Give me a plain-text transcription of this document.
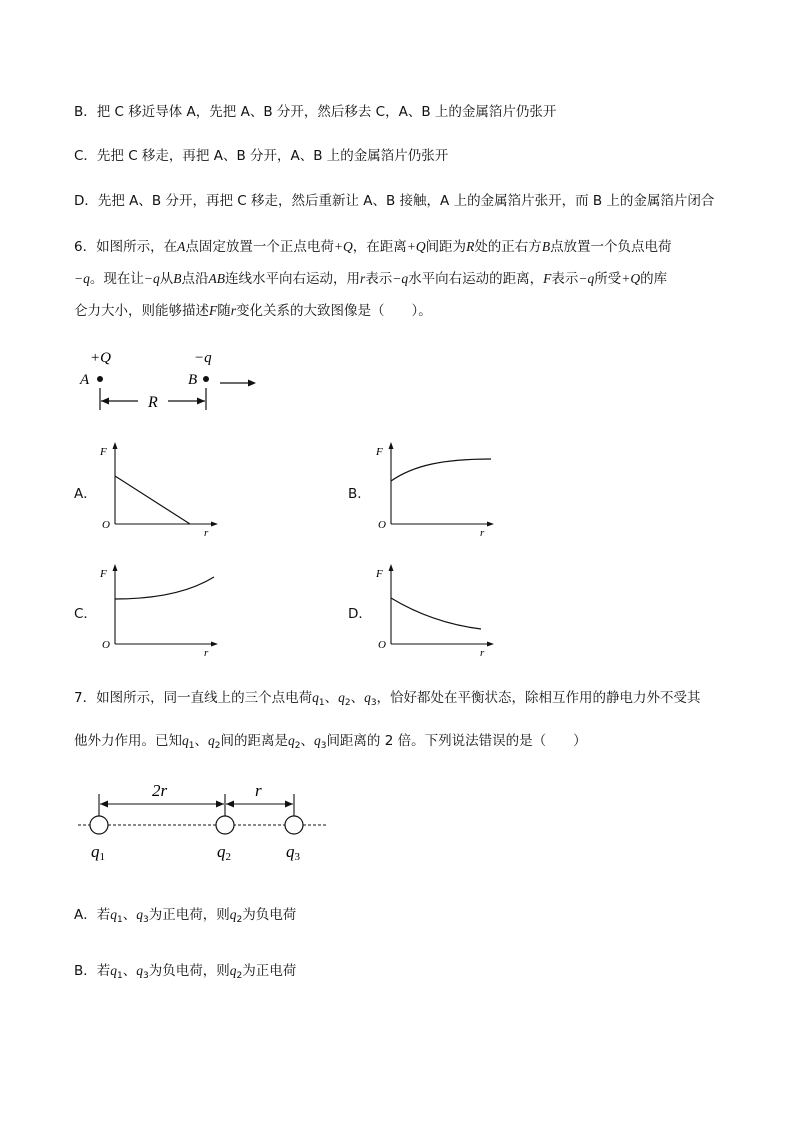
B．把 C 移近导体 A，先把 A、B 分开，然后移去 C，A、B 上的金属箔片仍张开
C．先把 C 移走，再把 A、B 分开，A、B 上的金属箔片仍张开
D．先把 A、B 分开，再把 C 移走，然后重新让 A、B 接触，A 上的金属箔片张开，而 B 上的金属箔片闭合
6．如图所示，在A点固定放置一个正点电荷+Q，在距离+Q间距为R处的正右方B点放置一个负点电荷
−q。现在让−q从B点沿AB连线水平向右运动，用r表示−q水平向右运动的距离，F表示−q所受+Q的库
仑力大小，则能够描述F随r变化关系的大致图像是（　　）。
+Q
A
−q
B
R
A．
F
O
r
B．
F
O
r
C．
F
O
r
D．
F
O
r
7．如图所示，同一直线上的三个点电荷$q_1$、$q_2$、$q_3$，恰好都处在平衡状态，除相互作用的静电力外不受其
他外力作用。已知$q_1$、$q_2$间的距离是$q_2$、$q_3$间距离的 2 倍。下列说法错误的是（　　）
2r	r
q1	q2	q3
A．若$q_1$、$q_3$为正电荷，则$q_2$为负电荷
B．若$q_1$、$q_3$为负电荷，则$q_2$为正电荷
